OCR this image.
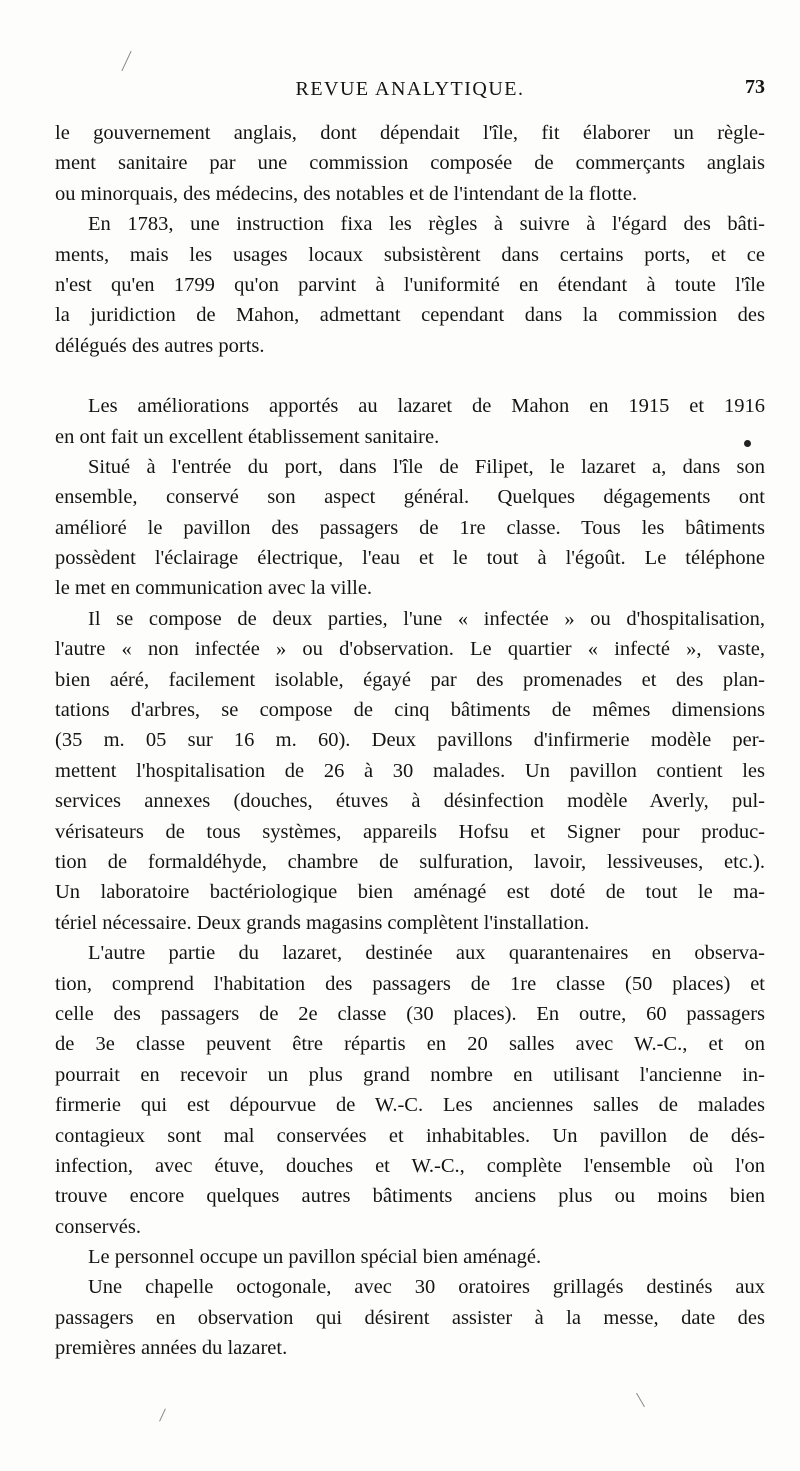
REVUE ANALYTIQUE.	73
le gouvernement anglais, dont dépendait l'île, fit élaborer un règle-
ment sanitaire par une commission composée de commerçants anglais
ou minorquais, des médecins, des notables et de l'intendant de la flotte.
En 1783, une instruction fixa les règles à suivre à l'égard des bâti-
ments, mais les usages locaux subsistèrent dans certains ports, et ce
n'est qu'en 1799 qu'on parvint à l'uniformité en étendant à toute l'île
la juridiction de Mahon, admettant cependant dans la commission des
délégués des autres ports.
Les améliorations apportés au lazaret de Mahon en 1915 et 1916
en ont fait un excellent établissement sanitaire.
Situé à l'entrée du port, dans l'île de Filipet, le lazaret a, dans son
ensemble, conservé son aspect général. Quelques dégagements ont
amélioré le pavillon des passagers de 1re classe. Tous les bâtiments
possèdent l'éclairage électrique, l'eau et le tout à l'égoût. Le téléphone
le met en communication avec la ville.
Il se compose de deux parties, l'une « infectée » ou d'hospitalisation,
l'autre « non infectée » ou d'observation. Le quartier « infecté », vaste,
bien aéré, facilement isolable, égayé par des promenades et des plan-
tations d'arbres, se compose de cinq bâtiments de mêmes dimensions
(35 m. 05 sur 16 m. 60). Deux pavillons d'infirmerie modèle per-
mettent l'hospitalisation de 26 à 30 malades. Un pavillon contient les
services annexes (douches, étuves à désinfection modèle Averly, pul-
vérisateurs de tous systèmes, appareils Hofsu et Signer pour produc-
tion de formaldéhyde, chambre de sulfuration, lavoir, lessiveuses, etc.).
Un laboratoire bactériologique bien aménagé est doté de tout le ma-
tériel nécessaire. Deux grands magasins complètent l'installation.
L'autre partie du lazaret, destinée aux quarantenaires en observa-
tion, comprend l'habitation des passagers de 1re classe (50 places) et
celle des passagers de 2e classe (30 places). En outre, 60 passagers
de 3e classe peuvent être répartis en 20 salles avec W.-C., et on
pourrait en recevoir un plus grand nombre en utilisant l'ancienne in-
firmerie qui est dépourvue de W.-C. Les anciennes salles de malades
contagieux sont mal conservées et inhabitables. Un pavillon de dés-
infection, avec étuve, douches et W.-C., complète l'ensemble où l'on
trouve encore quelques autres bâtiments anciens plus ou moins bien
conservés.
Le personnel occupe un pavillon spécial bien aménagé.
Une chapelle octogonale, avec 30 oratoires grillagés destinés aux
passagers en observation qui désirent assister à la messe, date des
premières années du lazaret.
